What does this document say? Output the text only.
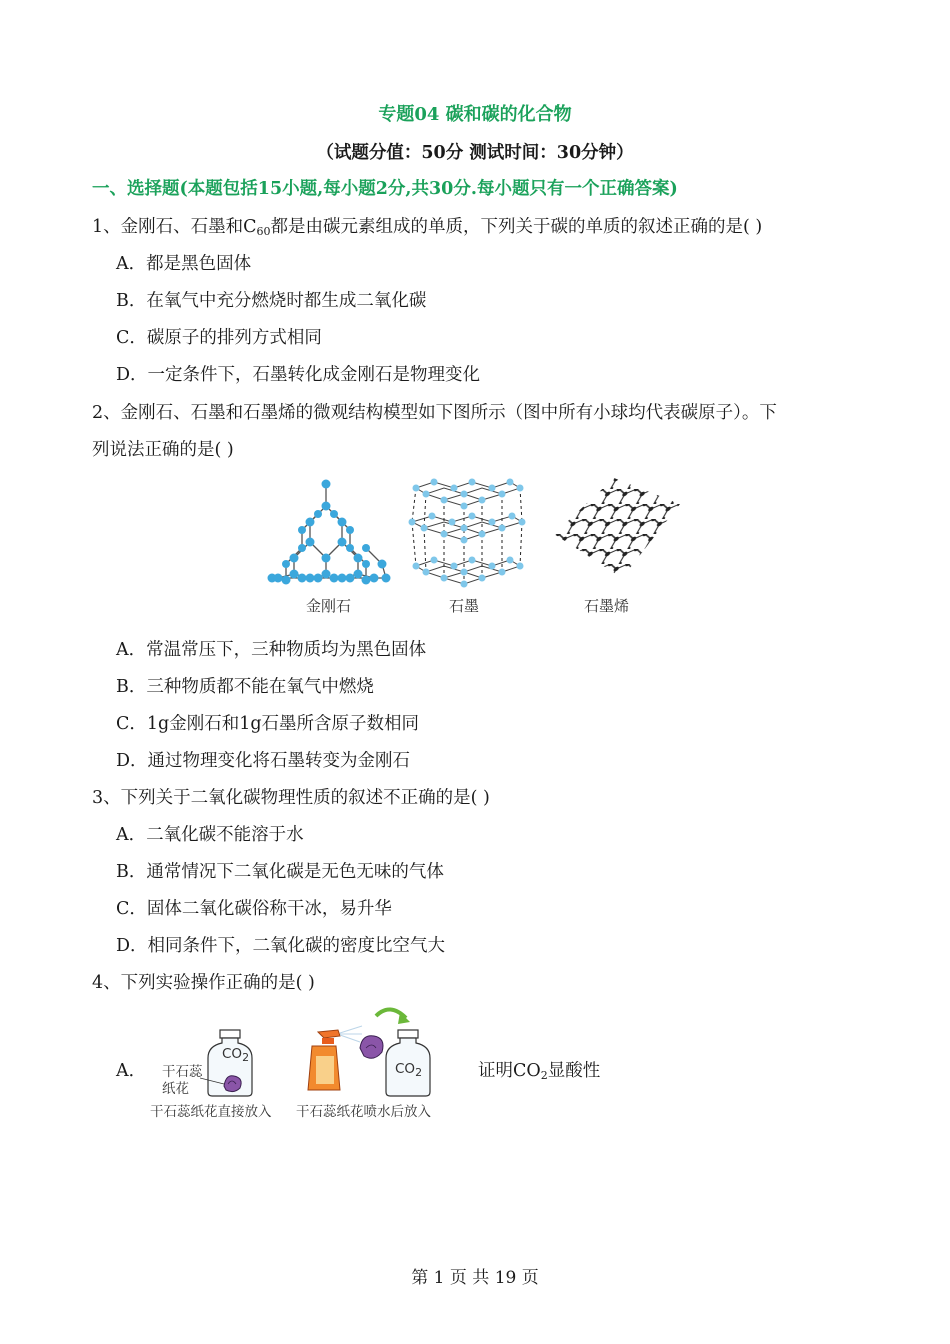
专题04 碳和碳的化合物
（试题分值：50分 测试时间：30分钟）
一、选择题(本题包括15小题,每小题2分,共30分.每小题只有一个正确答案)
1、金刚石、石墨和$C_{60}$都是由碳元素组成的单质，下列关于碳的单质的叙述正确的是( )
A．都是黑色固体
B．在氧气中充分燃烧时都生成二氧化碳
C．碳原子的排列方式相同
D．一定条件下，石墨转化成金刚石是物理变化
2、金刚石、石墨和石墨烯的微观结构模型如下图所示（图中所有小球均代表碳原子）。下
列说法正确的是( )
金刚石	石墨	石墨烯
A．常温常压下，三种物质均为黑色固体
B．三种物质都不能在氧气中燃烧
C．1g金刚石和1g石墨所含原子数相同
D．通过物理变化将石墨转变为金刚石
3、下列关于二氧化碳物理性质的叙述不正确的是( )
A．二氧化碳不能溶于水
B．通常情况下二氧化碳是无色无味的气体
C．固体二氧化碳俗称干冰，易升华
D．相同条件下，二氧化碳的密度比空气大
4、下列实验操作正确的是( )
A．
$CO_2$
干石蕊
纸花
干石蕊纸花直接放入
$CO_2$
干石蕊纸花喷水后放入
证明$CO_2$显酸性
第 1 页 共 19 页
